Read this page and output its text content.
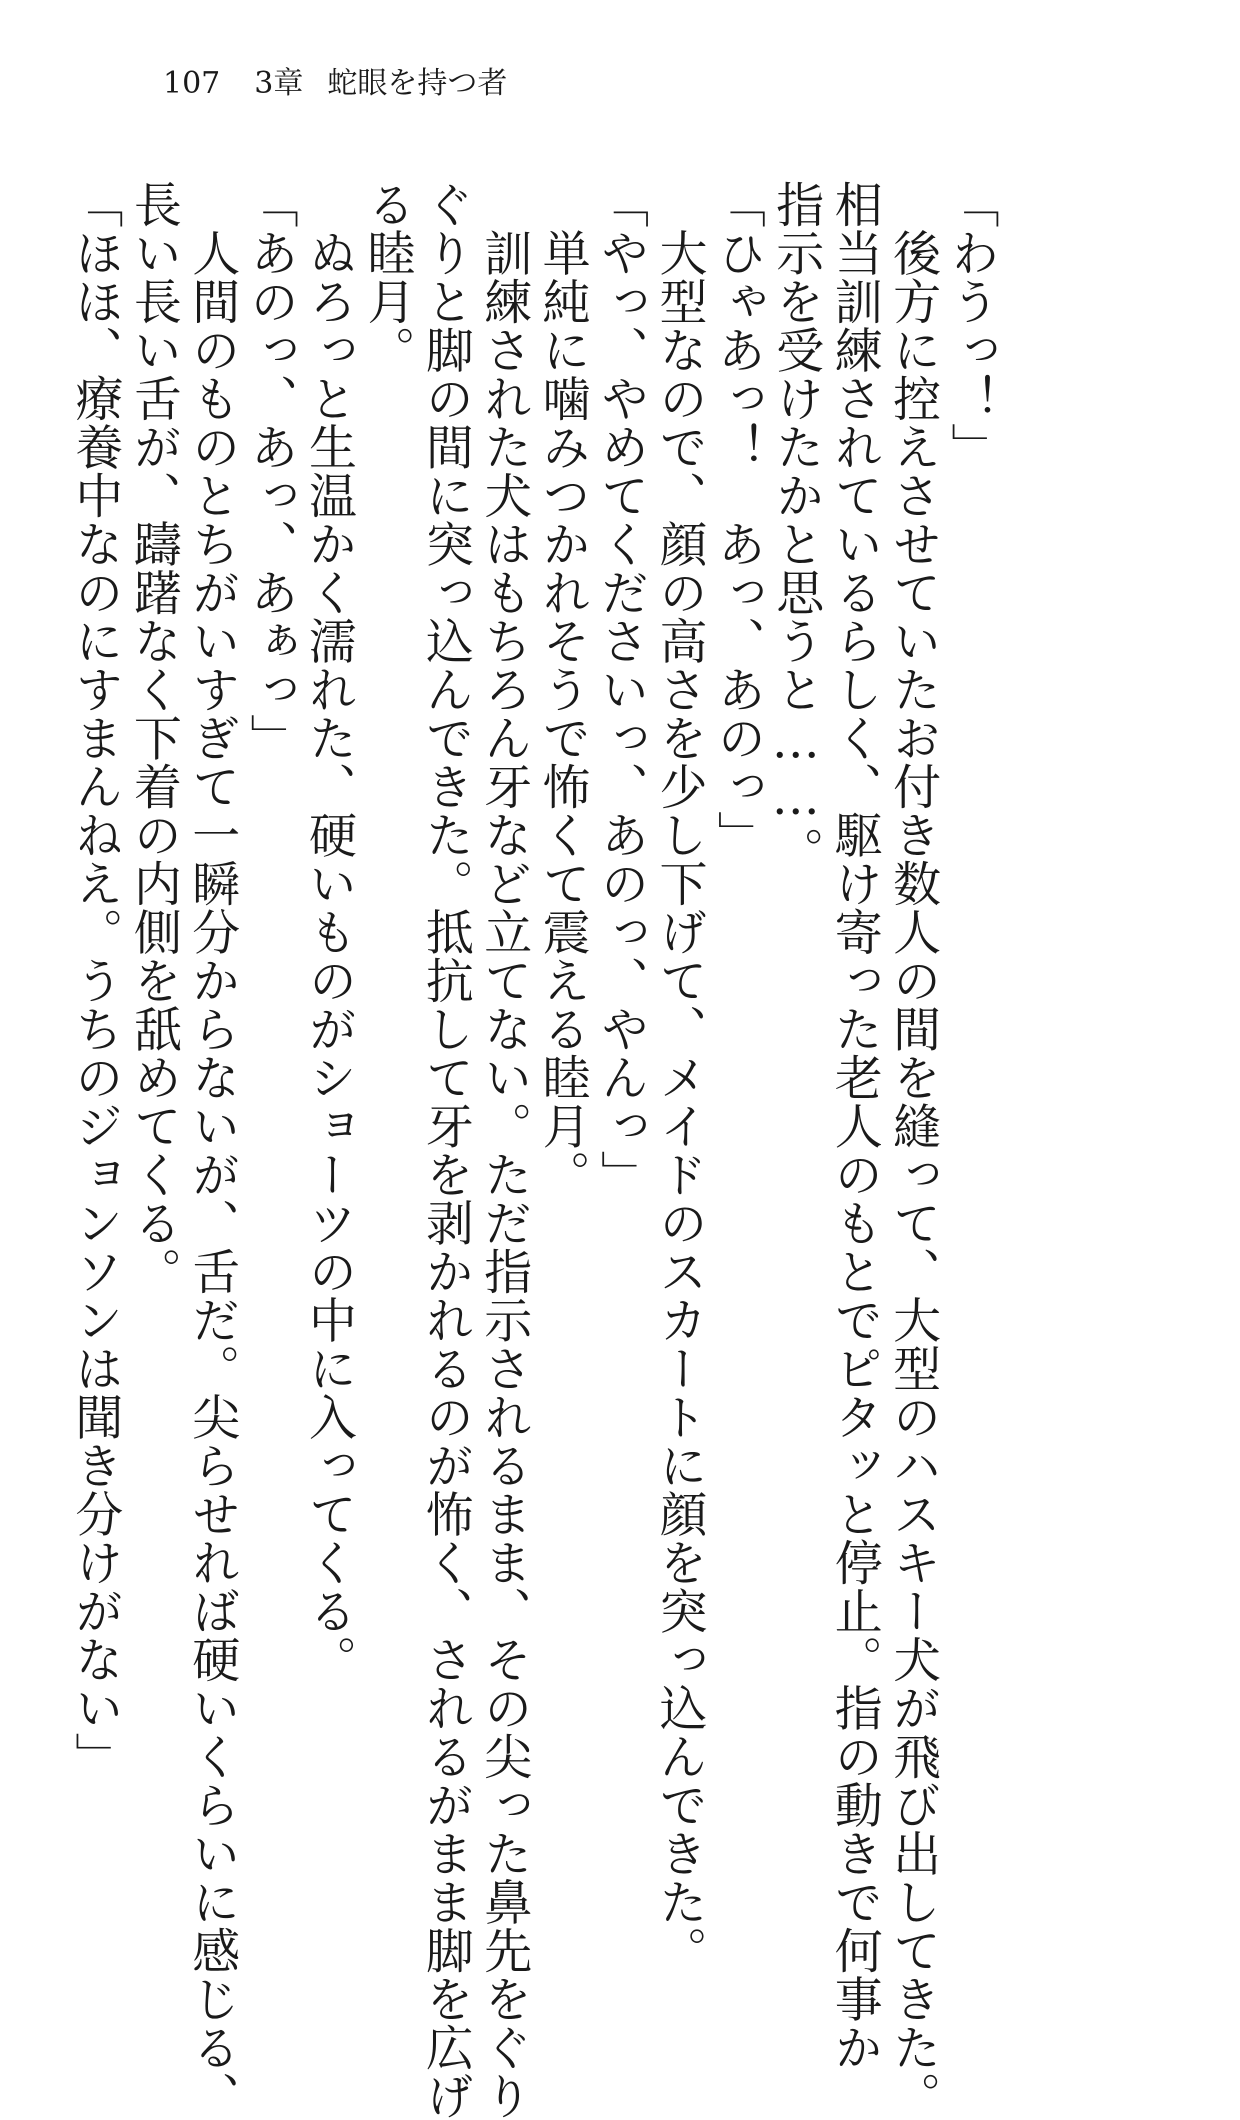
107 3章 蛇眼を持つ者

「わうっ！」

　後方に控えさせていたお付き数人の間を縫って、大型のハスキー犬が飛び出してきた。

相当訓練されているらしく、駆け寄った老人のもとでピタッと停止。指の動きで何事か

指示を受けたかと思うと……。

「ひゃあっ！　あっ、あのっ」

　大型なので、顔の高さを少し下げて、メイドのスカートに顔を突っ込んできた。

「やっ、やめてくださいっ、あのっ、やんっ」

　単純に噛みつかれそうで怖くて震える睦月。

　訓練された犬はもちろん牙など立てない。ただ指示されるまま、その尖った鼻先をぐり

ぐりと脚の間に突っ込んできた。抵抗して牙を剥かれるのが怖く、されるがまま脚を広げ

る睦月。

　ぬろっと生温かく濡れた、硬いものがショーツの中に入ってくる。

「あのっ、あっ、あぁっ」

　人間のものとちがいすぎて一瞬分からないが、舌だ。尖らせれば硬いくらいに感じる、

長い長い舌が、躊躇なく下着の内側を舐めてくる。

「ほほ、療養中なのにすまんねえ。うちのジョンソンは聞き分けがない」
